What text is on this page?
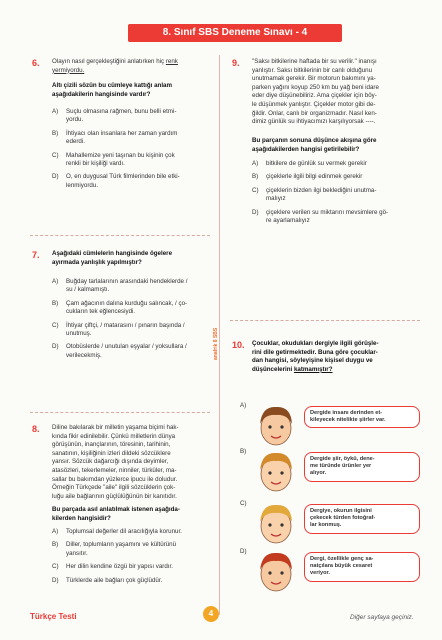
8. Sınıf SBS Deneme Sınavı - 4
anafrik 8 SBS
6. Olayın nasıl gerçekleştiğini anlatırken hiç renk
yermiyordu.
Altı çizili sözün bu cümleye kattığı anlam
aşağıdakilerin hangisinde vardır?
A) Suçlu olmasına rağmen, bunu belli etmi-
yordu.
B) İhtiyacı olan insanlara her zaman yardım
ederdi.
C) Mahallemize yeni taşınan bu kişinin çok
renkli bir kişiliği vardı.
D) O, en duygusal Türk filmlerinden bile etki-
lenmiyordu.
7. Aşağıdaki cümlelerin hangisinde ögelere
ayırmada yanlışlık yapılmıştır?
A) Buğday tarlalarının arasındaki hendeklerde /
su / kalmamıştı.
B) Çam ağacının dalına kurduğu salıncak, / ço-
cukların tek eğlencesiydi.
C) İhtiyar çiftçi, / matarasını / pınarın başında /
unutmuş.
D) Otobüslerde / unutulan eşyalar / yoksullara /
verilecekmiş.
8. Diline bakılarak bir milletin yaşama biçimi hak-
kında fikir edinilebilir. Çünkü milletlerin dünya
görüşünün, inançlarının, töresinin, tarihinin,
sanatının, kişiliğinin izleri dildeki sözcüklere
yansır. Sözcük dağarcığı dışında deyimler,
atasözleri, tekerlemeler, ninniler, türküler, ma-
sallar bu bakımdan yüzlerce ipucu ile doludur.
Örneğin Türkçede "aile" ilgili sözcüklerin çok-
luğu aile bağlarının güçlülüğünün bir kanıtıdır.

Bu parçada asıl anlatılmak istenen aşağıda-
kilerden hangisidir?
A) Toplumsal değerler dil aracılığıyla korunur.
B) Diller, toplumların yaşamını ve kültürünü
yansıtır.
C) Her dilin kendine özgü bir yapısı vardır.
D) Türklerde aile bağları çok güçlüdür.
9. "Saksı bitkilerine haftada bir su verilir." inanışı
yanlıştır. Saksı bitkilerinin bir canlı olduğunu
unutmamak gerekir. Bir motorun bakımını ya-
parken yağını koyup 250 km bu yağ beni idare
eder diye düşünebiliriz. Ama çiçekler için böy-
le düşünmek yanlıştır. Çiçekler motor gibi de-
ğildir. Onlar, canlı bir organizmadır. Nasıl ken-
dimiz günlük su ihtiyacımızı karşılıyorsak ----.

Bu parçanın sonuna düşünce akışına göre
aşağıdakilerden hangisi getirilebilir?
A) bitkilere de günlük su vermek gerekir
B) çiçeklerle ilgili bilgi edinmek gerekir
C) çiçeklerin bizden ilgi beklediğini unutma-
malıyız
D) çiçeklere verilen su miktarını mevsimlere gö-
re ayarlamalıyız
10. Çocuklar, okudukları dergiyle ilgili görüşle-
rini dile getirmektedir. Buna göre çocuklar-
dan hangisi, söyleyişine kişisel duygu ve
düşüncelerini katmamıştır?
A)
Dergide insanı derinden et-
kileyecek nitelikte şiirler var.
B)
Dergide şiir, öykü, dene-
me türünde ürünler yer
alıyor.
C)
Dergiye, okurun ilgisini
çekecek türden fotoğraf-
lar konmuş.
D)
Dergi, özellikle genç sa-
natçılara büyük cesaret
veriyor.
Türkçe Testi	4	Diğer sayfaya geçiniz.
